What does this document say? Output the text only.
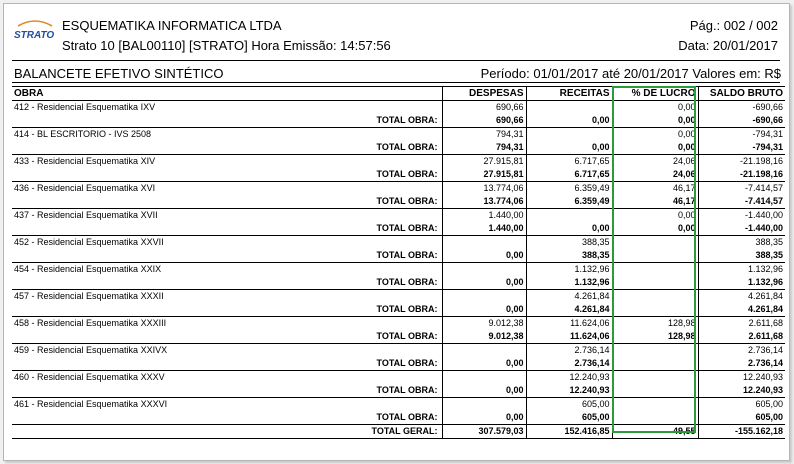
STRATO
ESQUEMATIKA INFORMATICA LTDA
Strato 10 [BAL00110] [STRATO] Hora Emissão: 14:57:56
Pág.: 002 / 002
Data: 20/01/2017
BALANCETE EFETIVO SINTÉTICO	Período: 01/01/2017 até 20/01/2017 Valores em: R$
OBRA	DESPESAS	RECEITAS	% DE LUCRO	SALDO BRUTO
412 - Residencial Esquematika IXV	690,66		0,00	-690,66
TOTAL OBRA:	690,66	0,00	0,00	-690,66
414 - BL ESCRITORIO - IVS 2508	794,31		0,00	-794,31
TOTAL OBRA:	794,31	0,00	0,00	-794,31
433 - Residencial Esquematika XIV	27.915,81	6.717,65	24,06	-21.198,16
TOTAL OBRA:	27.915,81	6.717,65	24,06	-21.198,16
436 - Residencial Esquematika XVI	13.774,06	6.359,49	46,17	-7.414,57
TOTAL OBRA:	13.774,06	6.359,49	46,17	-7.414,57
437 - Residencial Esquematika XVII	1.440,00		0,00	-1.440,00
TOTAL OBRA:	1.440,00	0,00	0,00	-1.440,00
452 - Residencial Esquematika XXVII		388,35		388,35
TOTAL OBRA:	0,00	388,35		388,35
454 - Residencial Esquematika XXIX		1.132,96		1.132,96
TOTAL OBRA:	0,00	1.132,96		1.132,96
457 - Residencial Esquematika XXXII		4.261,84		4.261,84
TOTAL OBRA:	0,00	4.261,84		4.261,84
458 - Residencial Esquematika XXXIII	9.012,38	11.624,06	128,98	2.611,68
TOTAL OBRA:	9.012,38	11.624,06	128,98	2.611,68
459 - Residencial Esquematika XXIVX		2.736,14		2.736,14
TOTAL OBRA:	0,00	2.736,14		2.736,14
460 - Residencial Esquematika XXXV		12.240,93		12.240,93
TOTAL OBRA:	0,00	12.240,93		12.240,93
461 - Residencial Esquematika XXXVI		605,00		605,00
TOTAL OBRA:	0,00	605,00		605,00
TOTAL GERAL:	307.579,03	152.416,85	49,55	-155.162,18
